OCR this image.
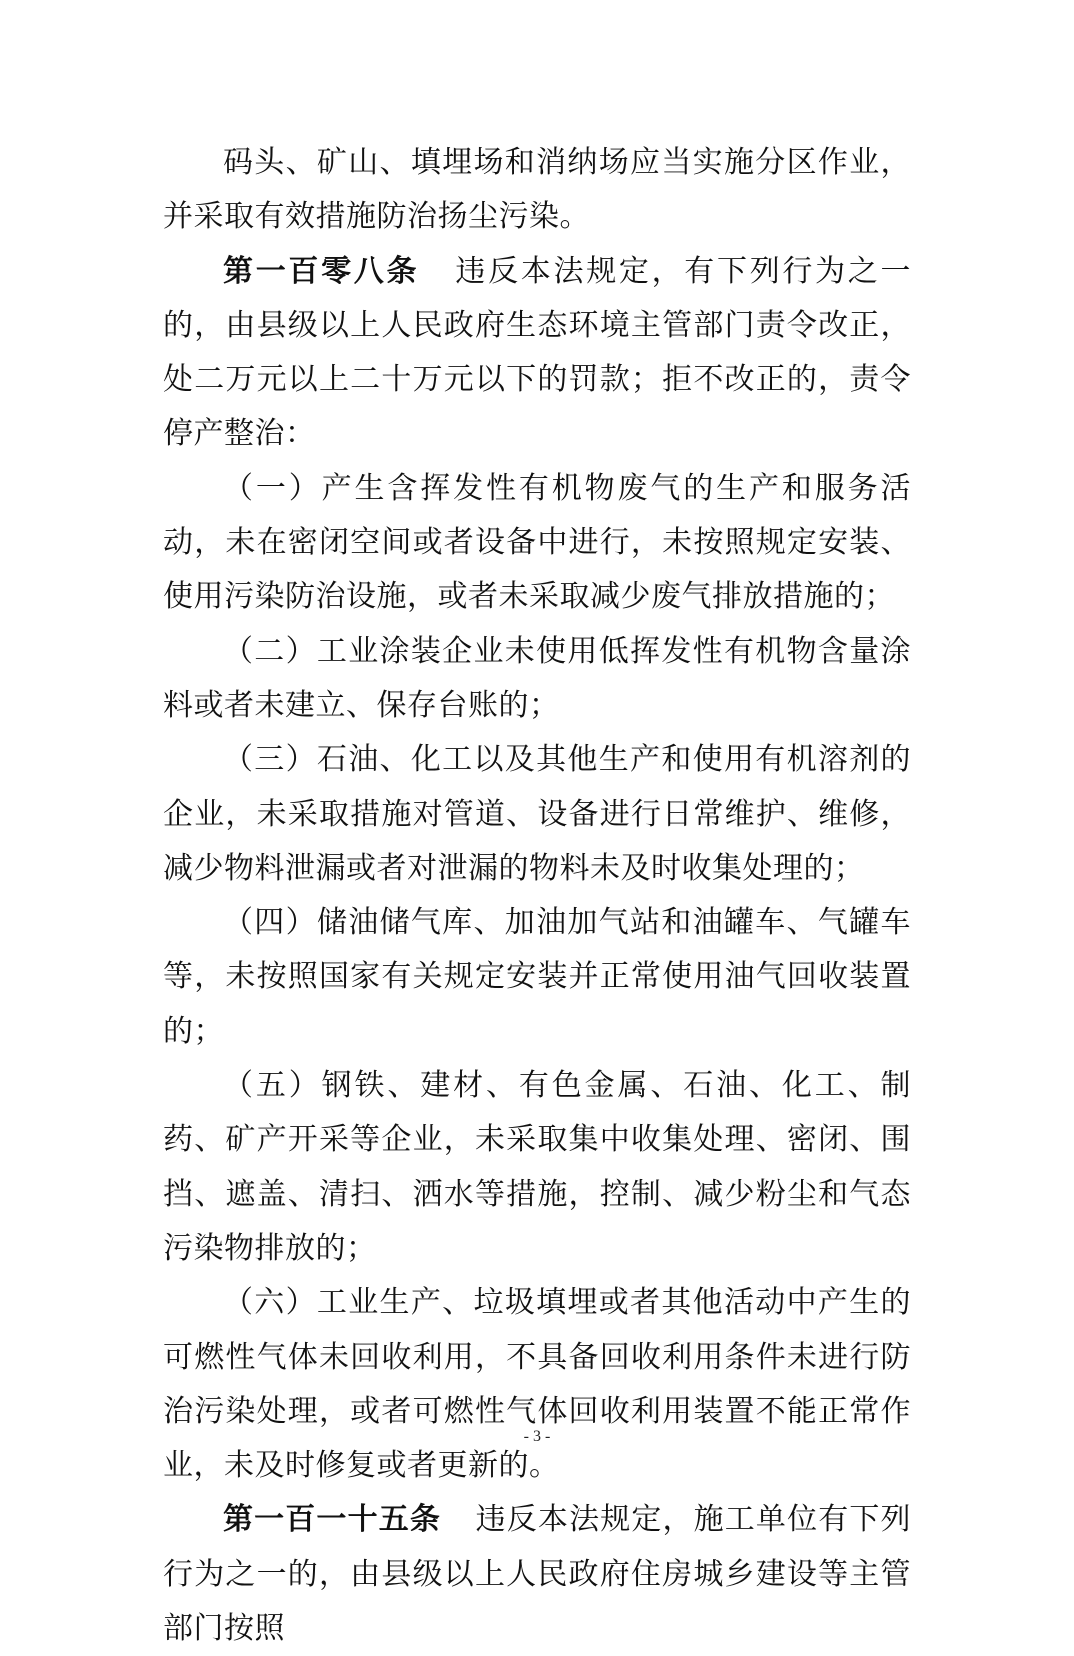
码头、矿山、填埋场和消纳场应当实施分区作业，并采取有效措施防治扬尘污染。

第一百零八条 违反本法规定，有下列行为之一的，由县级以上人民政府生态环境主管部门责令改正，处二万元以上二十万元以下的罚款；拒不改正的，责令停产整治：

（一）产生含挥发性有机物废气的生产和服务活动，未在密闭空间或者设备中进行，未按照规定安装、使用污染防治设施，或者未采取减少废气排放措施的；

（二）工业涂装企业未使用低挥发性有机物含量涂料或者未建立、保存台账的；

（三）石油、化工以及其他生产和使用有机溶剂的企业，未采取措施对管道、设备进行日常维护、维修，减少物料泄漏或者对泄漏的物料未及时收集处理的；

（四）储油储气库、加油加气站和油罐车、气罐车等，未按照国家有关规定安装并正常使用油气回收装置的；

（五）钢铁、建材、有色金属、石油、化工、制药、矿产开采等企业，未采取集中收集处理、密闭、围挡、遮盖、清扫、洒水等措施，控制、减少粉尘和气态污染物排放的；

（六）工业生产、垃圾填埋或者其他活动中产生的可燃性气体未回收利用，不具备回收利用条件未进行防治污染处理，或者可燃性气体回收利用装置不能正常作业，未及时修复或者更新的。

第一百一十五条 违反本法规定，施工单位有下列行为之一的，由县级以上人民政府住房城乡建设等主管部门按照

- 3 -
